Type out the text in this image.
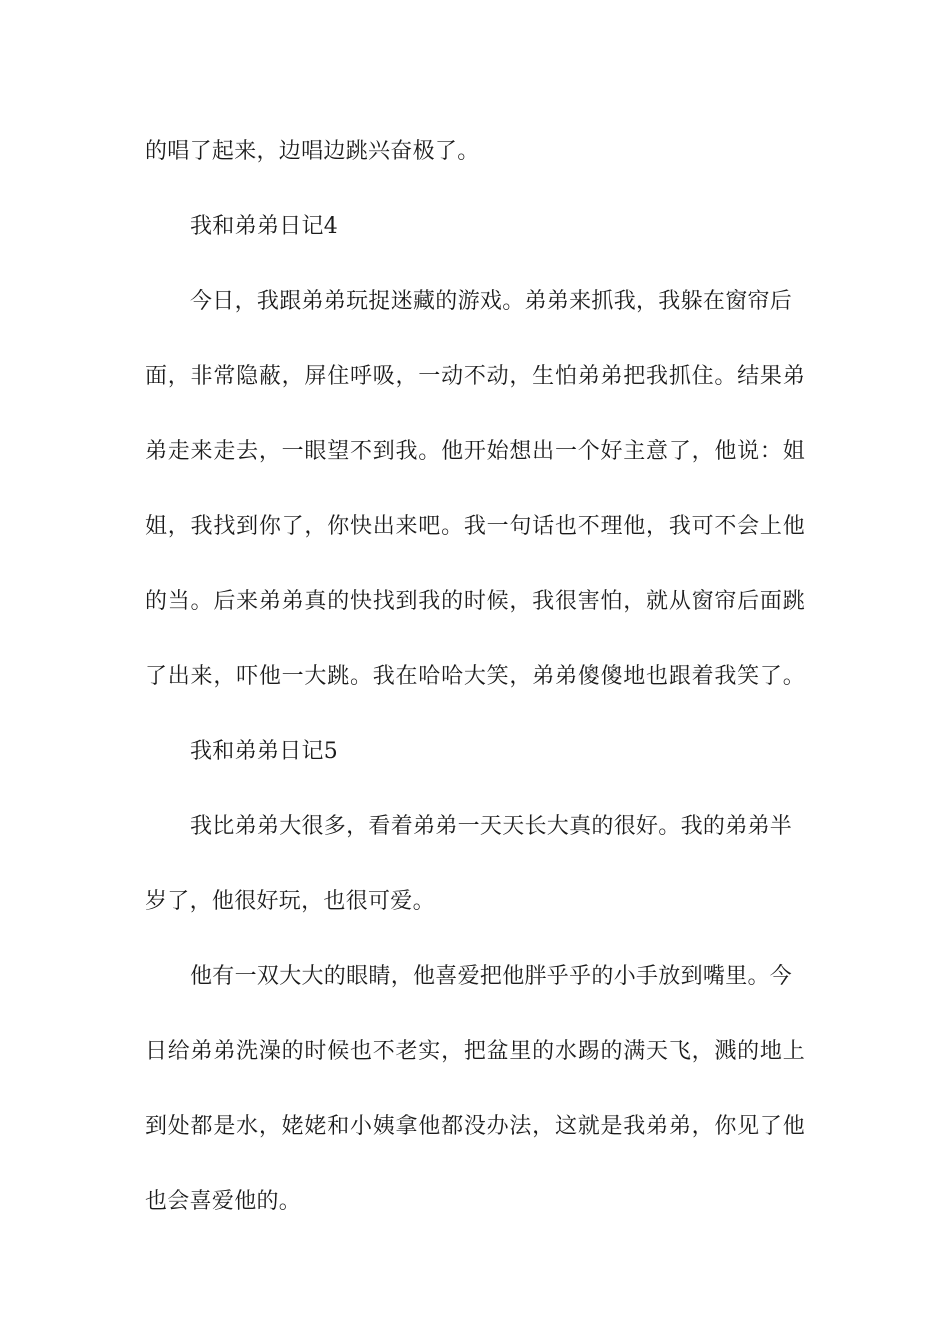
的唱了起来，边唱边跳兴奋极了。
我和弟弟日记4
今日，我跟弟弟玩捉迷藏的游戏。弟弟来抓我，我躲在窗帘后
面，非常隐蔽，屏住呼吸，一动不动，生怕弟弟把我抓住。结果弟
弟走来走去，一眼望不到我。他开始想出一个好主意了，他说：姐
姐，我找到你了，你快出来吧。我一句话也不理他，我可不会上他
的当。后来弟弟真的快找到我的时候，我很害怕，就从窗帘后面跳
了出来，吓他一大跳。我在哈哈大笑，弟弟傻傻地也跟着我笑了。
我和弟弟日记5
我比弟弟大很多，看着弟弟一天天长大真的很好。我的弟弟半
岁了，他很好玩，也很可爱。
他有一双大大的眼睛，他喜爱把他胖乎乎的小手放到嘴里。今
日给弟弟洗澡的时候也不老实，把盆里的水踢的满天飞，溅的地上
到处都是水，姥姥和小姨拿他都没办法，这就是我弟弟，你见了他
也会喜爱他的。
